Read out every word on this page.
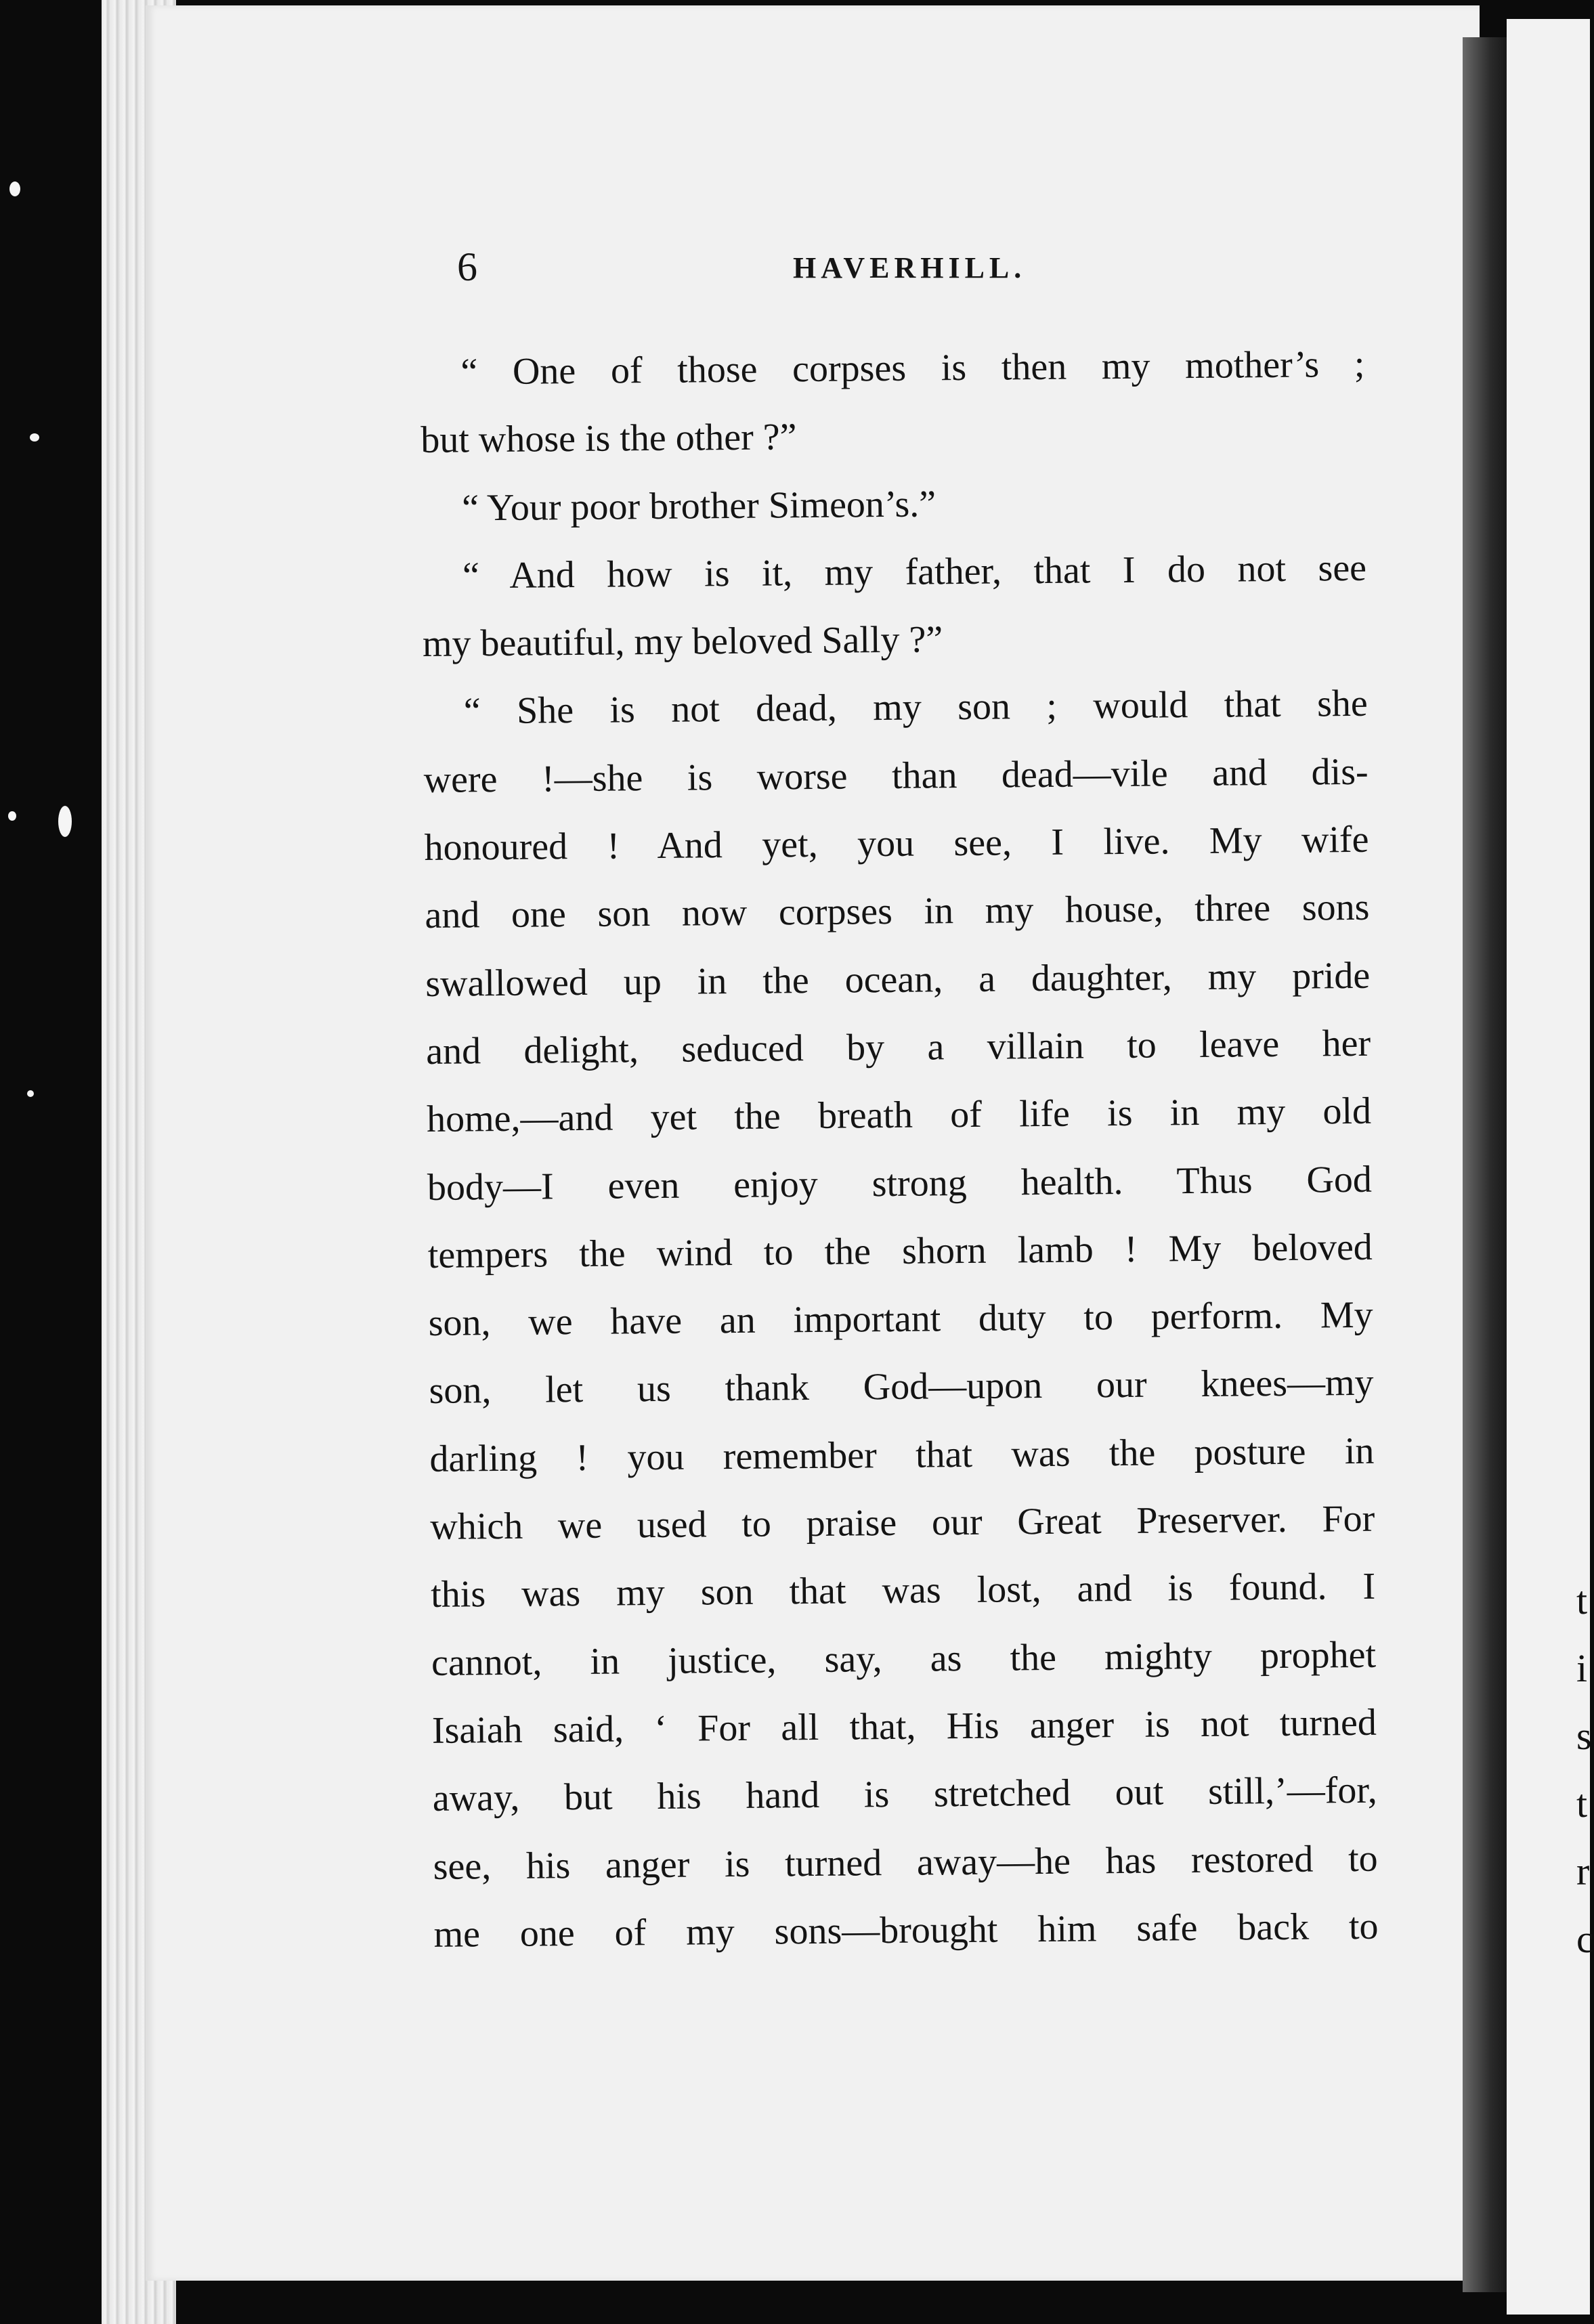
t
i
s
t
r
c
6	HAVERHILL.
“ One of those corpses is then my mother’s ;
but whose is the other ?”
“ Your poor brother Simeon’s.”
“ And how is it, my father, that I do not see
my beautiful, my beloved Sally ?”
“ She is not dead, my son ; would that she
were !—she is worse than dead—vile and dis-
honoured ! And yet, you see, I live. My wife
and one son now corpses in my house, three sons
swallowed up in the ocean, a daughter, my pride
and delight, seduced by a villain to leave her
home,—and yet the breath of life is in my old
body—I even enjoy strong health. Thus God
tempers the wind to the shorn lamb ! My beloved
son, we have an important duty to perform. My
son, let us thank God—upon our knees—my
darling ! you remember that was the posture in
which we used to praise our Great Preserver. For
this was my son that was lost, and is found. I
cannot, in justice, say, as the mighty prophet
Isaiah said, ‘ For all that, His anger is not turned
away, but his hand is stretched out still,’—for,
see, his anger is turned away—he has restored to
me one of my sons—brought him safe back to
